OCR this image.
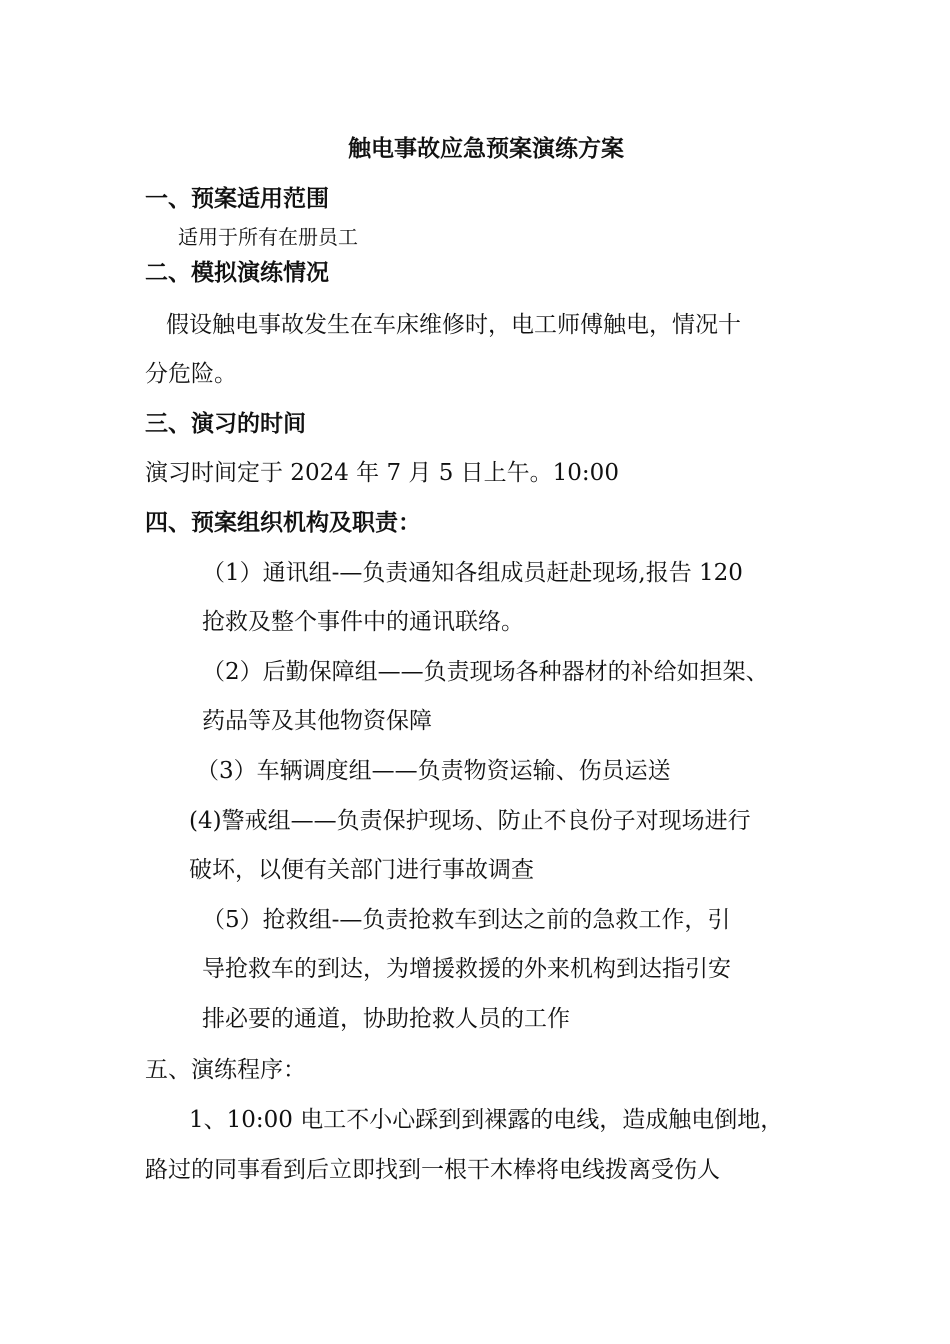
触电事故应急预案演练方案
一、预案适用范围
适用于所有在册员工
二、模拟演练情况
假设触电事故发生在车床维修时，电工师傅触电，情况十
分危险。
三、演习的时间
演习时间定于 2024 年 7 月 5 日上午。10:00
四、预案组织机构及职责：
（1）通讯组-—负责通知各组成员赶赴现场,报告 120
抢救及整个事件中的通讯联络。
（2）后勤保障组——负责现场各种器材的补给如担架、
药品等及其他物资保障
（3）车辆调度组——负责物资运输、伤员运送
(4)警戒组——负责保护现场、防止不良份子对现场进行
破坏，以便有关部门进行事故调查
（5）抢救组-—负责抢救车到达之前的急救工作，引
导抢救车的到达，为增援救援的外来机构到达指引安
排必要的通道，协助抢救人员的工作
五、演练程序：
1、10:00 电工不小心踩到到裸露的电线，造成触电倒地，
路过的同事看到后立即找到一根干木棒将电线拨离受伤人
